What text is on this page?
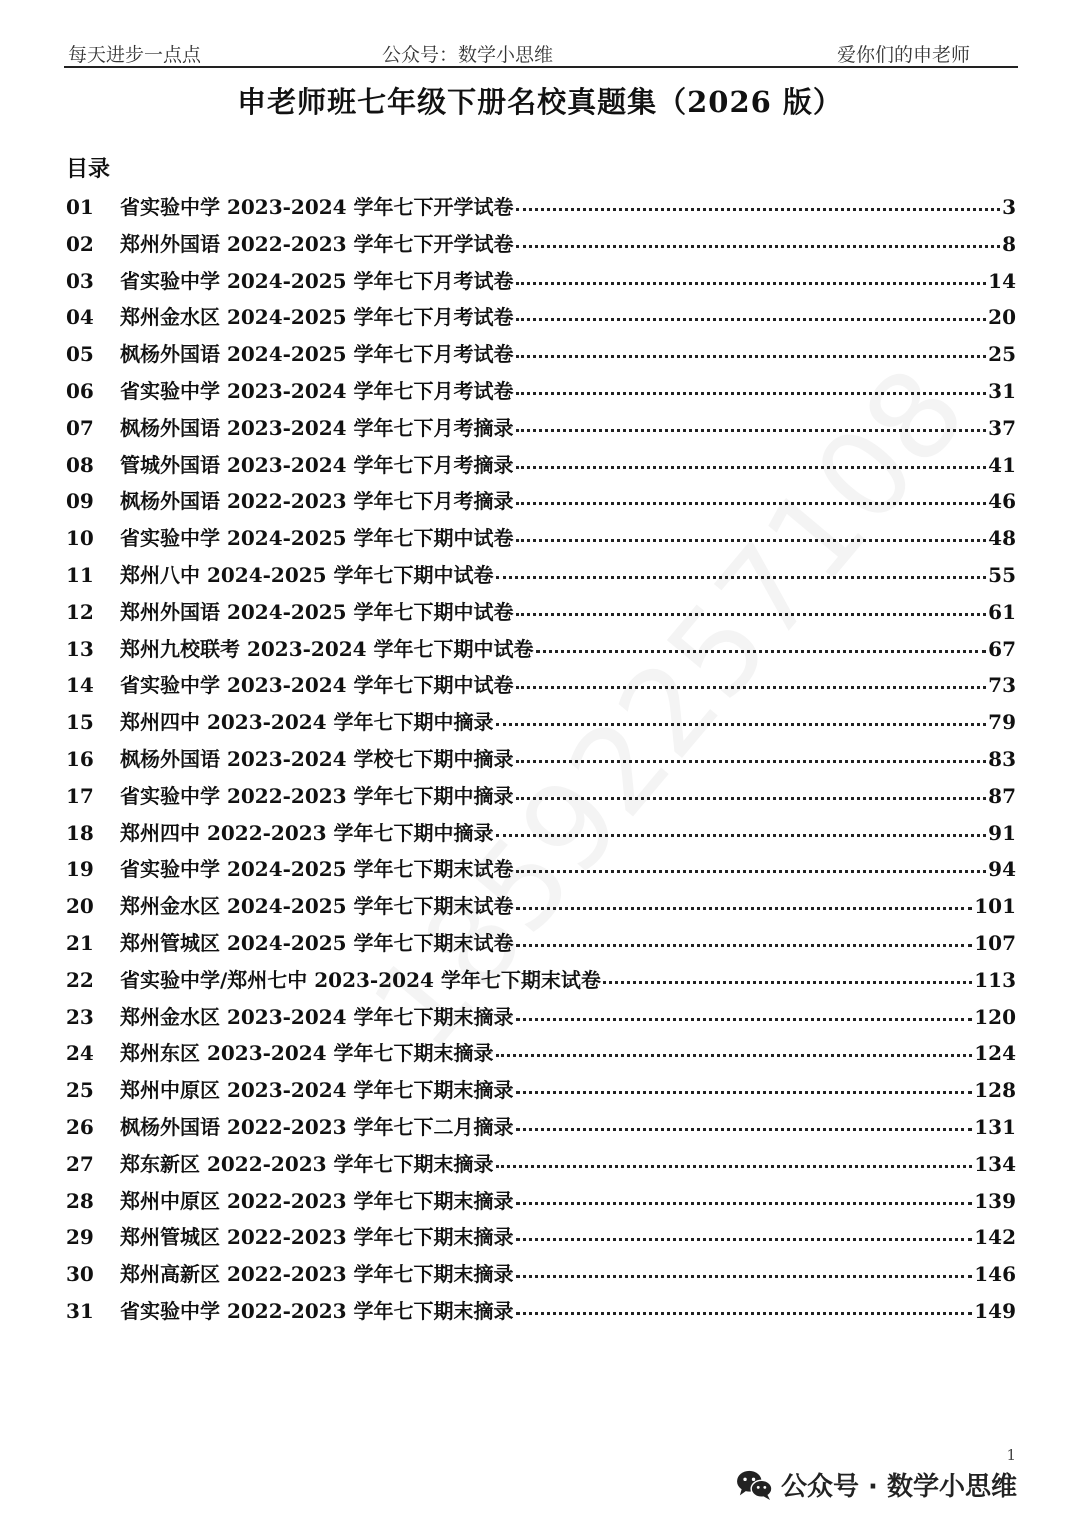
每天进步一点点	公众号：数学小思维	爱你们的申老师
申老师班七年级下册名校真题集（2026 版）
目录
01	省实验中学 2023-2024 学年七下开学试卷	3
02	郑州外国语 2022-2023 学年七下开学试卷	8
03	省实验中学 2024-2025 学年七下月考试卷	14
04	郑州金水区 2024-2025 学年七下月考试卷	20
05	枫杨外国语 2024-2025 学年七下月考试卷	25
06	省实验中学 2023-2024 学年七下月考试卷	31
07	枫杨外国语 2023-2024 学年七下月考摘录	37
08	管城外国语 2023-2024 学年七下月考摘录	41
09	枫杨外国语 2022-2023 学年七下月考摘录	46
10	省实验中学 2024-2025 学年七下期中试卷	48
11	郑州八中 2024-2025 学年七下期中试卷	55
12	郑州外国语 2024-2025 学年七下期中试卷	61
13	郑州九校联考 2023-2024 学年七下期中试卷	67
14	省实验中学 2023-2024 学年七下期中试卷	73
15	郑州四中 2023-2024 学年七下期中摘录	79
16	枫杨外国语 2023-2024 学校七下期中摘录	83
17	省实验中学 2022-2023 学年七下期中摘录	87
18	郑州四中 2022-2023 学年七下期中摘录	91
19	省实验中学 2024-2025 学年七下期末试卷	94
20	郑州金水区 2024-2025 学年七下期末试卷	101
21	郑州管城区 2024-2025 学年七下期末试卷	107
22	省实验中学/郑州七中 2023-2024 学年七下期末试卷	113
23	郑州金水区 2023-2024 学年七下期末摘录	120
24	郑州东区 2023-2024 学年七下期末摘录	124
25	郑州中原区 2023-2024 学年七下期末摘录	128
26	枫杨外国语 2022-2023 学年七下二月摘录	131
27	郑东新区 2022-2023 学年七下期末摘录	134
28	郑州中原区 2022-2023 学年七下期末摘录	139
29	郑州管城区 2022-2023 学年七下期末摘录	142
30	郑州高新区 2022-2023 学年七下期末摘录	146
31	省实验中学 2022-2023 学年七下期末摘录	149
1
公众号 · 数学小思维
